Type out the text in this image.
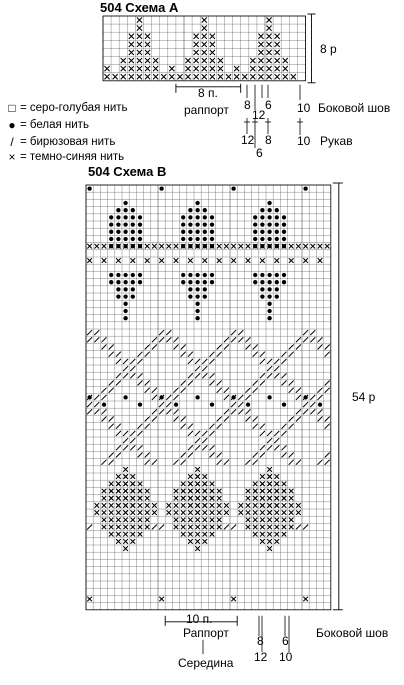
504 Схема А
8 р
8 п.
раппорт 8
12
6 10 Боковой шов
12 8
6
10 Рукав
□ = серо-голубая нить
● = белая нить
/ = бирюзовая нить
× = темно-синяя нить
504 Схема В
54 р
10 п.
Раппорт
8
12
6
10
Боковой шов
Середина
